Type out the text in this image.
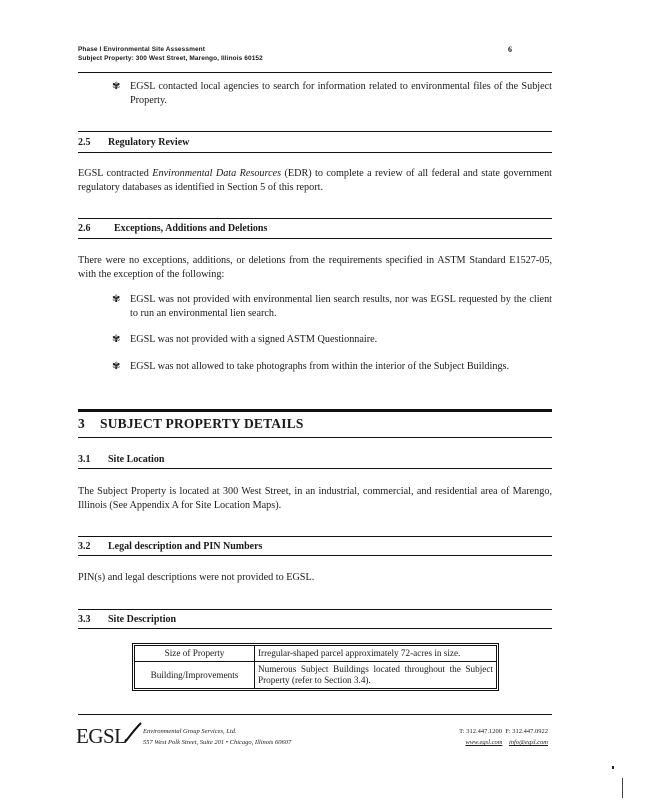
Phase I Environmental Site Assessment
Subject Property: 300 West Street, Marengo, Illinois 60152
6
✾ EGSL contacted local agencies to search for information related to environmental files of the Subject Property.
2.5 Regulatory Review
EGSL contracted Environmental Data Resources (EDR) to complete a review of all federal and state government regulatory databases as identified in Section 5 of this report.
2.6 Exceptions, Additions and Deletions
There were no exceptions, additions, or deletions from the requirements specified in ASTM Standard E1527-05, with the exception of the following:
✾ EGSL was not provided with environmental lien search results, nor was EGSL requested by the client to run an environmental lien search.
✾ EGSL was not provided with a signed ASTM Questionnaire.
✾ EGSL was not allowed to take photographs from within the interior of the Subject Buildings.
3 SUBJECT PROPERTY DETAILS
3.1 Site Location
The Subject Property is located at 300 West Street, in an industrial, commercial, and residential area of Marengo, Illinois (See Appendix A for Site Location Maps).
3.2 Legal description and PIN Numbers
PIN(s) and legal descriptions were not provided to EGSL.
3.3 Site Description
Size of Property	Irregular-shaped parcel approximately 72-acres in size.
Building/Improvements	Numerous Subject Buildings located throughout the Subject Property (refer to Section 3.4).
EGSL	Environmental Group Services, Ltd.
557 West Polk Street, Suite 201 • Chicago, Illinois 60607
T: 312.447.1200 F: 312.447.0922
www.egsl.com info@egsl.com
